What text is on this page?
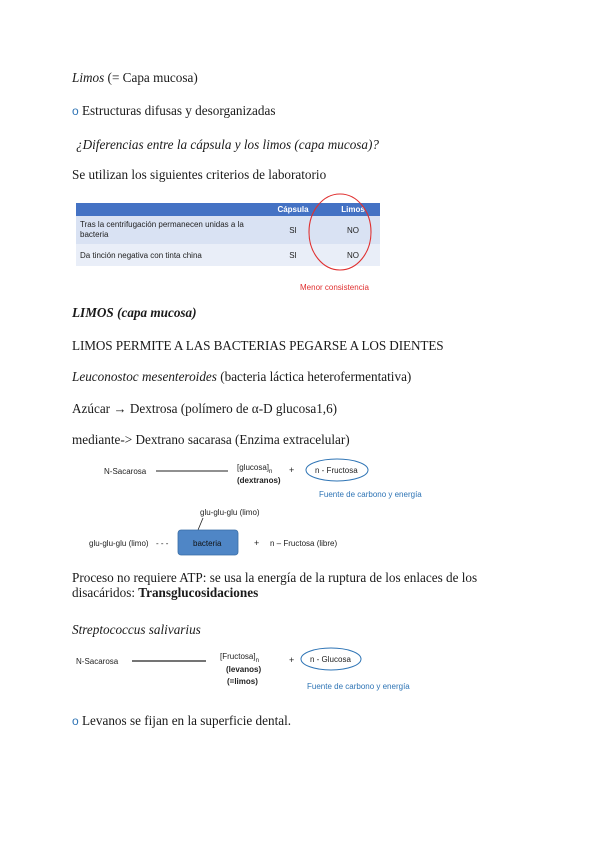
Limos (= Capa mucosa)
o Estructuras difusas y desorganizadas
¿Diferencias entre la cápsula y los limos (capa mucosa)?
Se utilizan los siguientes criterios de laboratorio
	Cápsula	Limos
Tras la centrifugación permanecen unidas a la bacteria	SI	NO
Da tinción negativa con tinta china	SI	NO
Menor consistencia
LIMOS (capa mucosa)
LIMOS PERMITE A LAS BACTERIAS PEGARSE A LOS DIENTES
Leuconostoc mesenteroides (bacteria láctica heterofermentativa)
Azúcar → Dextrosa (polímero de α-D glucosa1,6)
mediante-> Dextrano sacarasa (Enzima extracelular)
N-Sacarosa	$[glucosa]_n$
(dextranos)
+	n - Fructosa
Fuente de carbono y energía
glu-glu-glu (limo)
glu-glu-glu (limo) - - -	bacteria	+ n – Fructosa (libre)
Proceso no requiere ATP: se usa la energía de la ruptura de los enlaces de los
disacáridos: Transglucosidaciones
Streptococcus salivarius
N-Sacarosa
$[Fructosa]_n$
(levanos)
(=limos)
+ n - Glucosa
Fuente de carbono y energía
o Levanos se fijan en la superficie dental.
